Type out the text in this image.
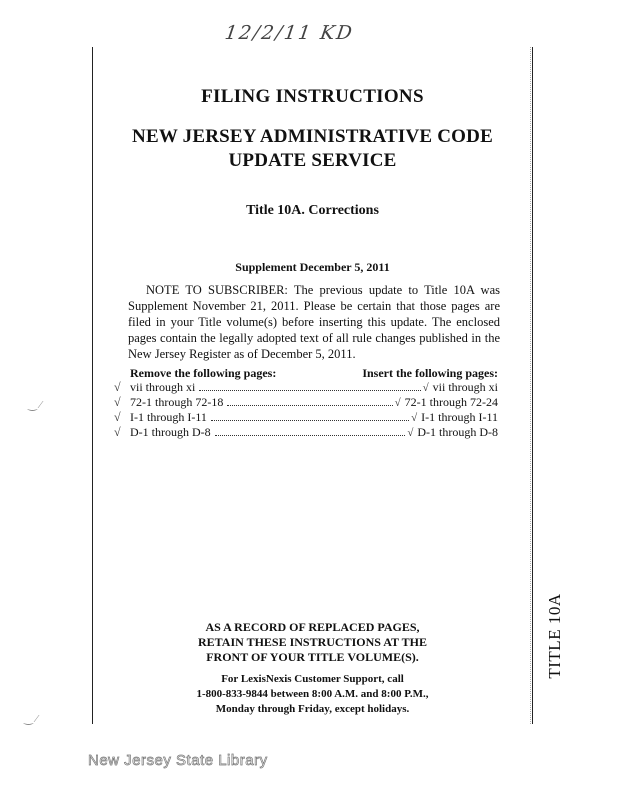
12/2/11 KD
TITLE 10A
FILING INSTRUCTIONS
NEW JERSEY ADMINISTRATIVE CODE
UPDATE SERVICE
Title 10A. Corrections
Supplement December 5, 2011
NOTE TO SUBSCRIBER: The previous update to Title 10A was Supplement November 21, 2011. Please be certain that those pages are filed in your Title volume(s) before inserting this update. The enclosed pages contain the legally adopted text of all rule changes published in the New Jersey Register as of December 5, 2011.
Remove the following pages:	Insert the following pages:
√ vii through xi	√ vii through xi
√ 72-1 through 72-18	√ 72-1 through 72-24
√ I-1 through I-11	√ I-1 through I-11
√ D-1 through D-8	√ D-1 through D-8
AS A RECORD OF REPLACED PAGES,
RETAIN THESE INSTRUCTIONS AT THE
FRONT OF YOUR TITLE VOLUME(S).
For LexisNexis Customer Support, call
1-800-833-9844 between 8:00 A.M. and 8:00 P.M.,
Monday through Friday, except holidays.
‿ ⁄
‿ ⁄
New Jersey State Library
